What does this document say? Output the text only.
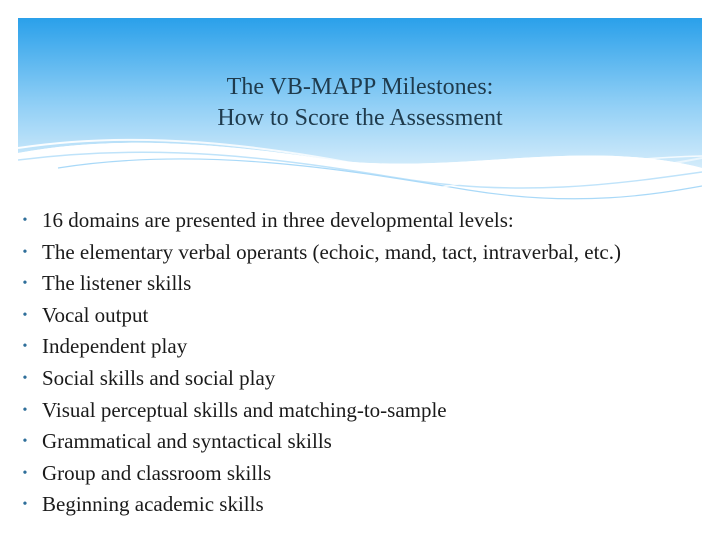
The VB-MAPP Milestones:
How to Score the Assessment
• 16 domains are presented in three developmental levels:
• The elementary verbal operants (echoic, mand, tact, intraverbal, etc.)
• The listener skills
• Vocal output
• Independent play
• Social skills and social play
• Visual perceptual skills and matching-to-sample
• Grammatical and syntactical skills
• Group and classroom skills
• Beginning academic skills
